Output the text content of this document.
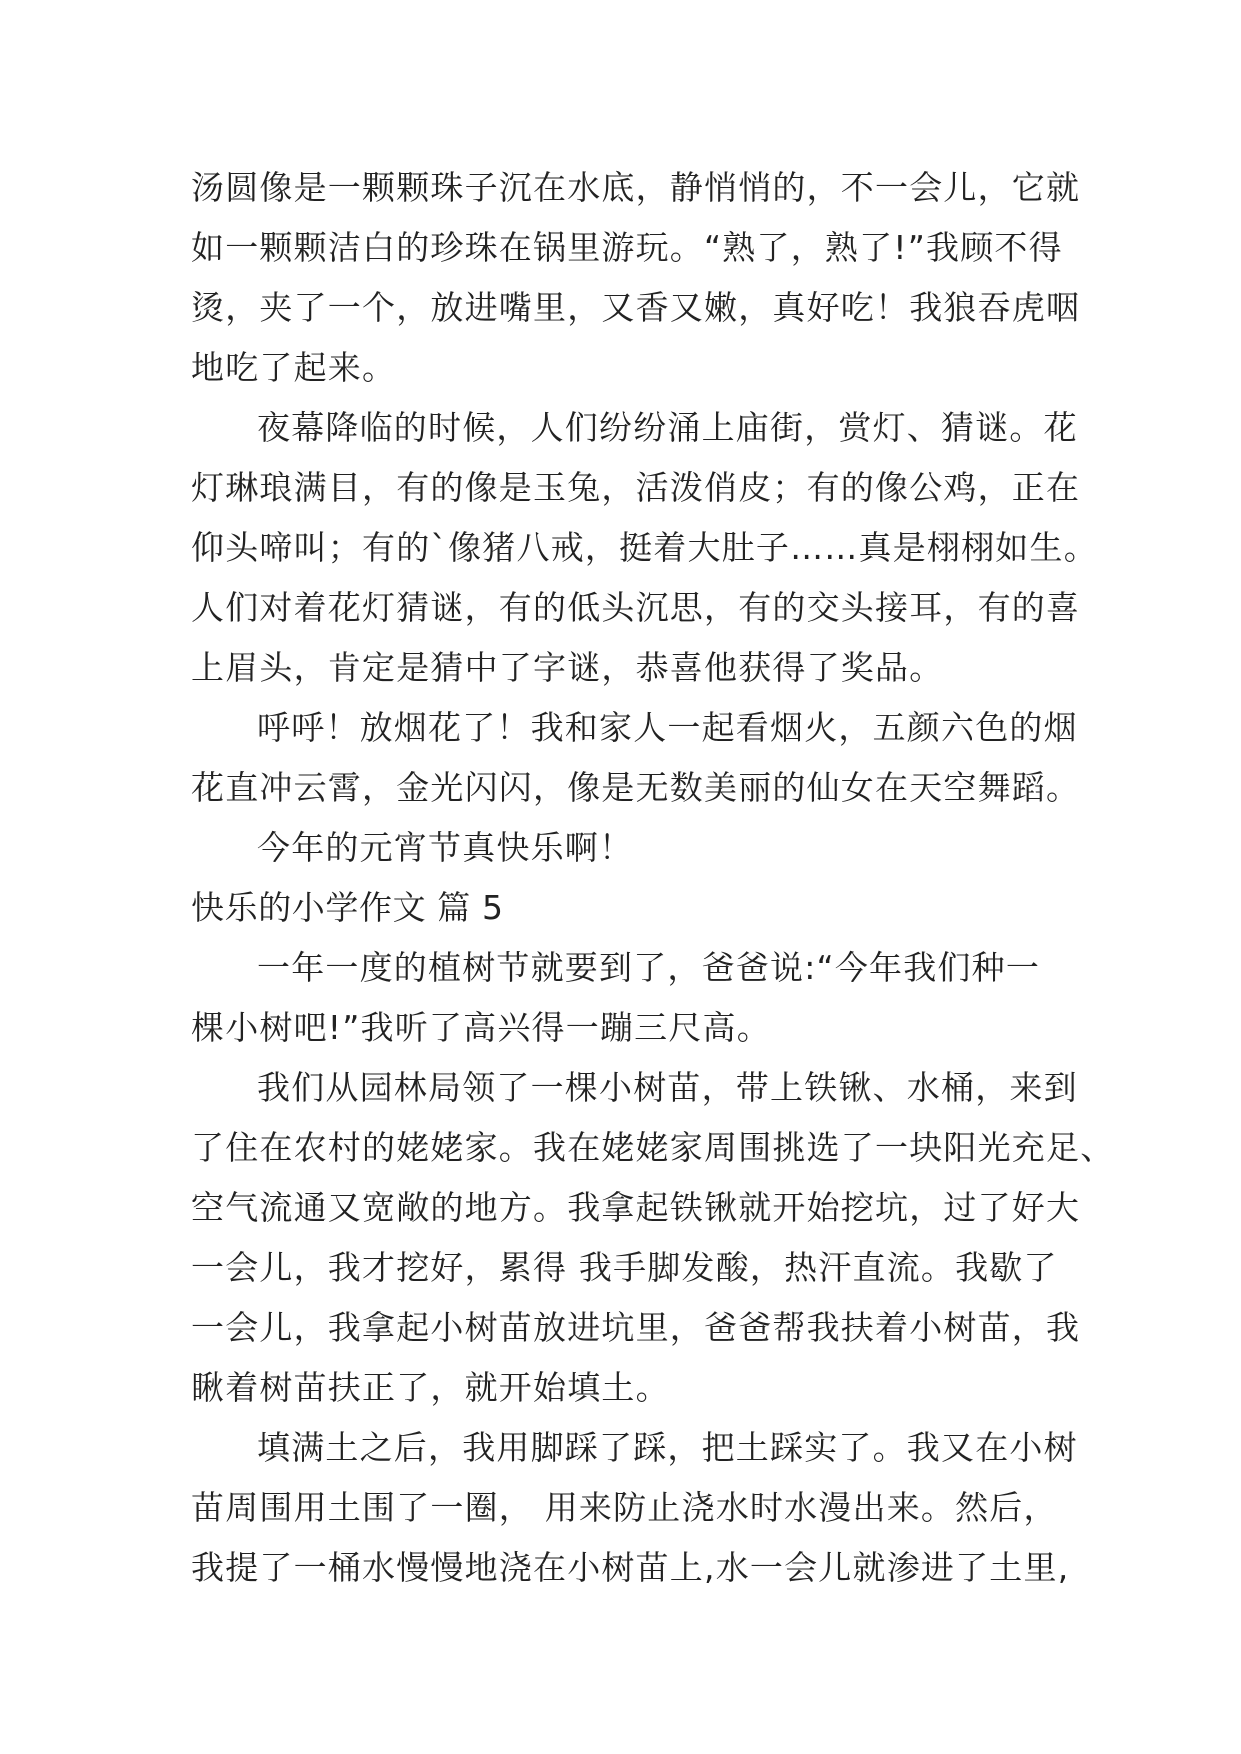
汤圆像是一颗颗珠子沉在水底，静悄悄的，不一会儿，它就
如一颗颗洁白的珍珠在锅里游玩。“熟了，熟了!”我顾不得
烫，夹了一个，放进嘴里，又香又嫩，真好吃！我狼吞虎咽
地吃了起来。
夜幕降临的时候，人们纷纷涌上庙街，赏灯、猜谜。花
灯琳琅满目，有的像是玉兔，活泼俏皮；有的像公鸡，正在
仰头啼叫；有的`像猪八戒，挺着大肚子……真是栩栩如生。
人们对着花灯猜谜，有的低头沉思，有的交头接耳，有的喜
上眉头，肯定是猜中了字谜，恭喜他获得了奖品。
呼呼！放烟花了！我和家人一起看烟火，五颜六色的烟
花直冲云霄，金光闪闪，像是无数美丽的仙女在天空舞蹈。
今年的元宵节真快乐啊！
快乐的小学作文 篇 5
一年一度的植树节就要到了，爸爸说:“今年我们种一
棵小树吧!”我听了高兴得一蹦三尺高。
我们从园林局领了一棵小树苗，带上铁锹、水桶，来到
了住在农村的姥姥家。我在姥姥家周围挑选了一块阳光充足、
空气流通又宽敞的地方。我拿起铁锹就开始挖坑，过了好大
一会儿，我才挖好，累得 我手脚发酸，热汗直流。我歇了
一会儿，我拿起小树苗放进坑里，爸爸帮我扶着小树苗，我
瞅着树苗扶正了，就开始填土。
填满土之后，我用脚踩了踩，把土踩实了。我又在小树
苗周围用土围了一圈， 用来防止浇水时水漫出来。然后，
我提了一桶水慢慢地浇在小树苗上,水一会儿就渗进了土里,
